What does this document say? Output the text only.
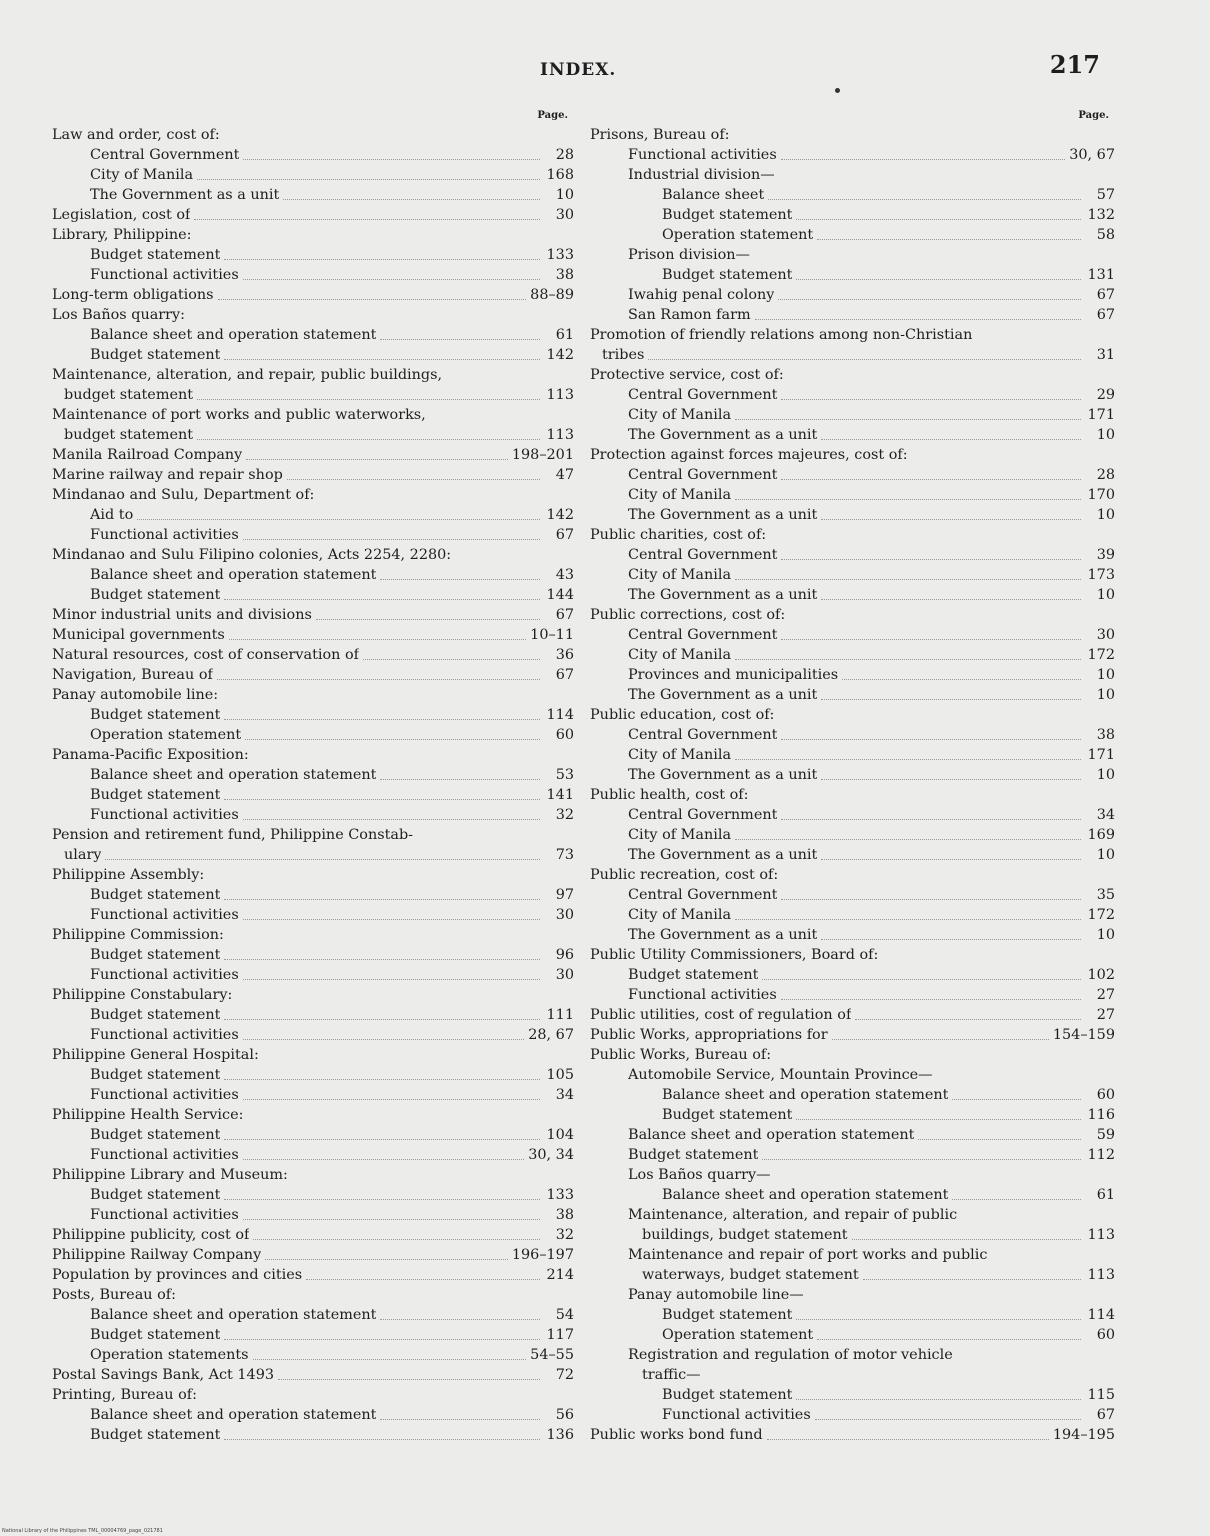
INDEX.	217
Page.
Law and order, cost of:
Central Government	28
City of Manila	168
The Government as a unit	10
Legislation, cost of	30
Library, Philippine:
Budget statement	133
Functional activities	38
Long-term obligations	88–89
Los Baños quarry:
Balance sheet and operation statement	61
Budget statement	142
Maintenance, alteration, and repair, public buildings,
budget statement	113
Maintenance of port works and public waterworks,
budget statement	113
Manila Railroad Company	198–201
Marine railway and repair shop	47
Mindanao and Sulu, Department of:
Aid to	142
Functional activities	67
Mindanao and Sulu Filipino colonies, Acts 2254, 2280:
Balance sheet and operation statement	43
Budget statement	144
Minor industrial units and divisions	67
Municipal governments	10–11
Natural resources, cost of conservation of	36
Navigation, Bureau of	67
Panay automobile line:
Budget statement	114
Operation statement	60
Panama-Pacific Exposition:
Balance sheet and operation statement	53
Budget statement	141
Functional activities	32
Pension and retirement fund, Philippine Constab-
ulary	73
Philippine Assembly:
Budget statement	97
Functional activities	30
Philippine Commission:
Budget statement	96
Functional activities	30
Philippine Constabulary:
Budget statement	111
Functional activities	28, 67
Philippine General Hospital:
Budget statement	105
Functional activities	34
Philippine Health Service:
Budget statement	104
Functional activities	30, 34
Philippine Library and Museum:
Budget statement	133
Functional activities	38
Philippine publicity, cost of	32
Philippine Railway Company	196–197
Population by provinces and cities	214
Posts, Bureau of:
Balance sheet and operation statement	54
Budget statement	117
Operation statements	54–55
Postal Savings Bank, Act 1493	72
Printing, Bureau of:
Balance sheet and operation statement	56
Budget statement	136
Page.
Prisons, Bureau of:
Functional activities	30, 67
Industrial division—
Balance sheet	57
Budget statement	132
Operation statement	58
Prison division—
Budget statement	131
Iwahig penal colony	67
San Ramon farm	67
Promotion of friendly relations among non-Christian
tribes	31
Protective service, cost of:
Central Government	29
City of Manila	171
The Government as a unit	10
Protection against forces majeures, cost of:
Central Government	28
City of Manila	170
The Government as a unit	10
Public charities, cost of:
Central Government	39
City of Manila	173
The Government as a unit	10
Public corrections, cost of:
Central Government	30
City of Manila	172
Provinces and municipalities	10
The Government as a unit	10
Public education, cost of:
Central Government	38
City of Manila	171
The Government as a unit	10
Public health, cost of:
Central Government	34
City of Manila	169
The Government as a unit	10
Public recreation, cost of:
Central Government	35
City of Manila	172
The Government as a unit	10
Public Utility Commissioners, Board of:
Budget statement	102
Functional activities	27
Public utilities, cost of regulation of	27
Public Works, appropriations for	154–159
Public Works, Bureau of:
Automobile Service, Mountain Province—
Balance sheet and operation statement	60
Budget statement	116
Balance sheet and operation statement	59
Budget statement	112
Los Baños quarry—
Balance sheet and operation statement	61
Maintenance, alteration, and repair of public
buildings, budget statement	113
Maintenance and repair of port works and public
waterways, budget statement	113
Panay automobile line—
Budget statement	114
Operation statement	60
Registration and regulation of motor vehicle
traffic—
Budget statement	115
Functional activities	67
Public works bond fund	194–195
National Library of the Philippines TML_00004769_page_021781
